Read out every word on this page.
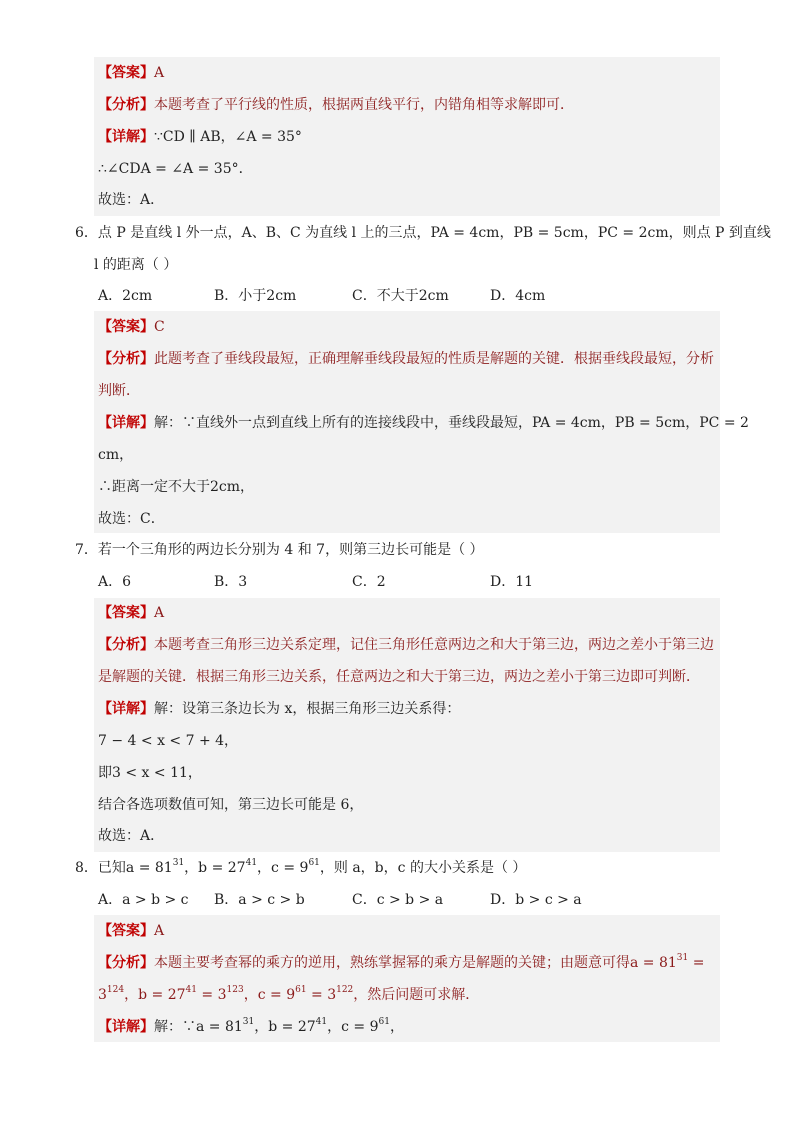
【答案】A
【分析】本题考查了平行线的性质，根据两直线平行，内错角相等求解即可．
【详解】∵CD ∥ AB，∠A = 35°
∴∠CDA = ∠A = 35°．
故选：A．
6．点 P 是直线 l 外一点，A、B、C 为直线 l 上的三点，PA = 4cm，PB = 5cm，PC = 2cm，则点 P 到直线
l 的距离（ ）
A．2cm	B．小于2cm	C．不大于2cm	D．4cm
【答案】C
【分析】此题考查了垂线段最短，正确理解垂线段最短的性质是解题的关键．根据垂线段最短，分析
判断．
【详解】解：∵直线外一点到直线上所有的连接线段中，垂线段最短，PA = 4cm，PB = 5cm，PC = 2
cm，
∴距离一定不大于2cm，
故选：C．
7．若一个三角形的两边长分别为 4 和 7，则第三边长可能是（ ）
A．6	B．3	C．2	D．11
【答案】A
【分析】本题考查三角形三边关系定理，记住三角形任意两边之和大于第三边，两边之差小于第三边
是解题的关键．根据三角形三边关系，任意两边之和大于第三边，两边之差小于第三边即可判断．
【详解】解：设第三条边长为 x，根据三角形三边关系得：
7 − 4 < x < 7 + 4，
即3 < x < 11，
结合各选项数值可知，第三边长可能是 6，
故选：A．
8．已知$a = 81^{31}$，$b = 27^{41}$，$c = 9^{61}$，则 a，b，c 的大小关系是（ ）
A．a > b > c B．a > c > b	C．c > b > a	D．b > c > a
【答案】A
【分析】本题主要考查幂的乘方的逆用，熟练掌握幂的乘方是解题的关键；由题意可得$a = 81^{31}$ =
$3^{124}$，$b = 27^{41} = 3^{123}$，$c = 9^{61} = 3^{122}$，然后问题可求解．
【详解】解：∵a = $81^{31}$，$b = 27^{41}$，$c = 9^{61}$，
